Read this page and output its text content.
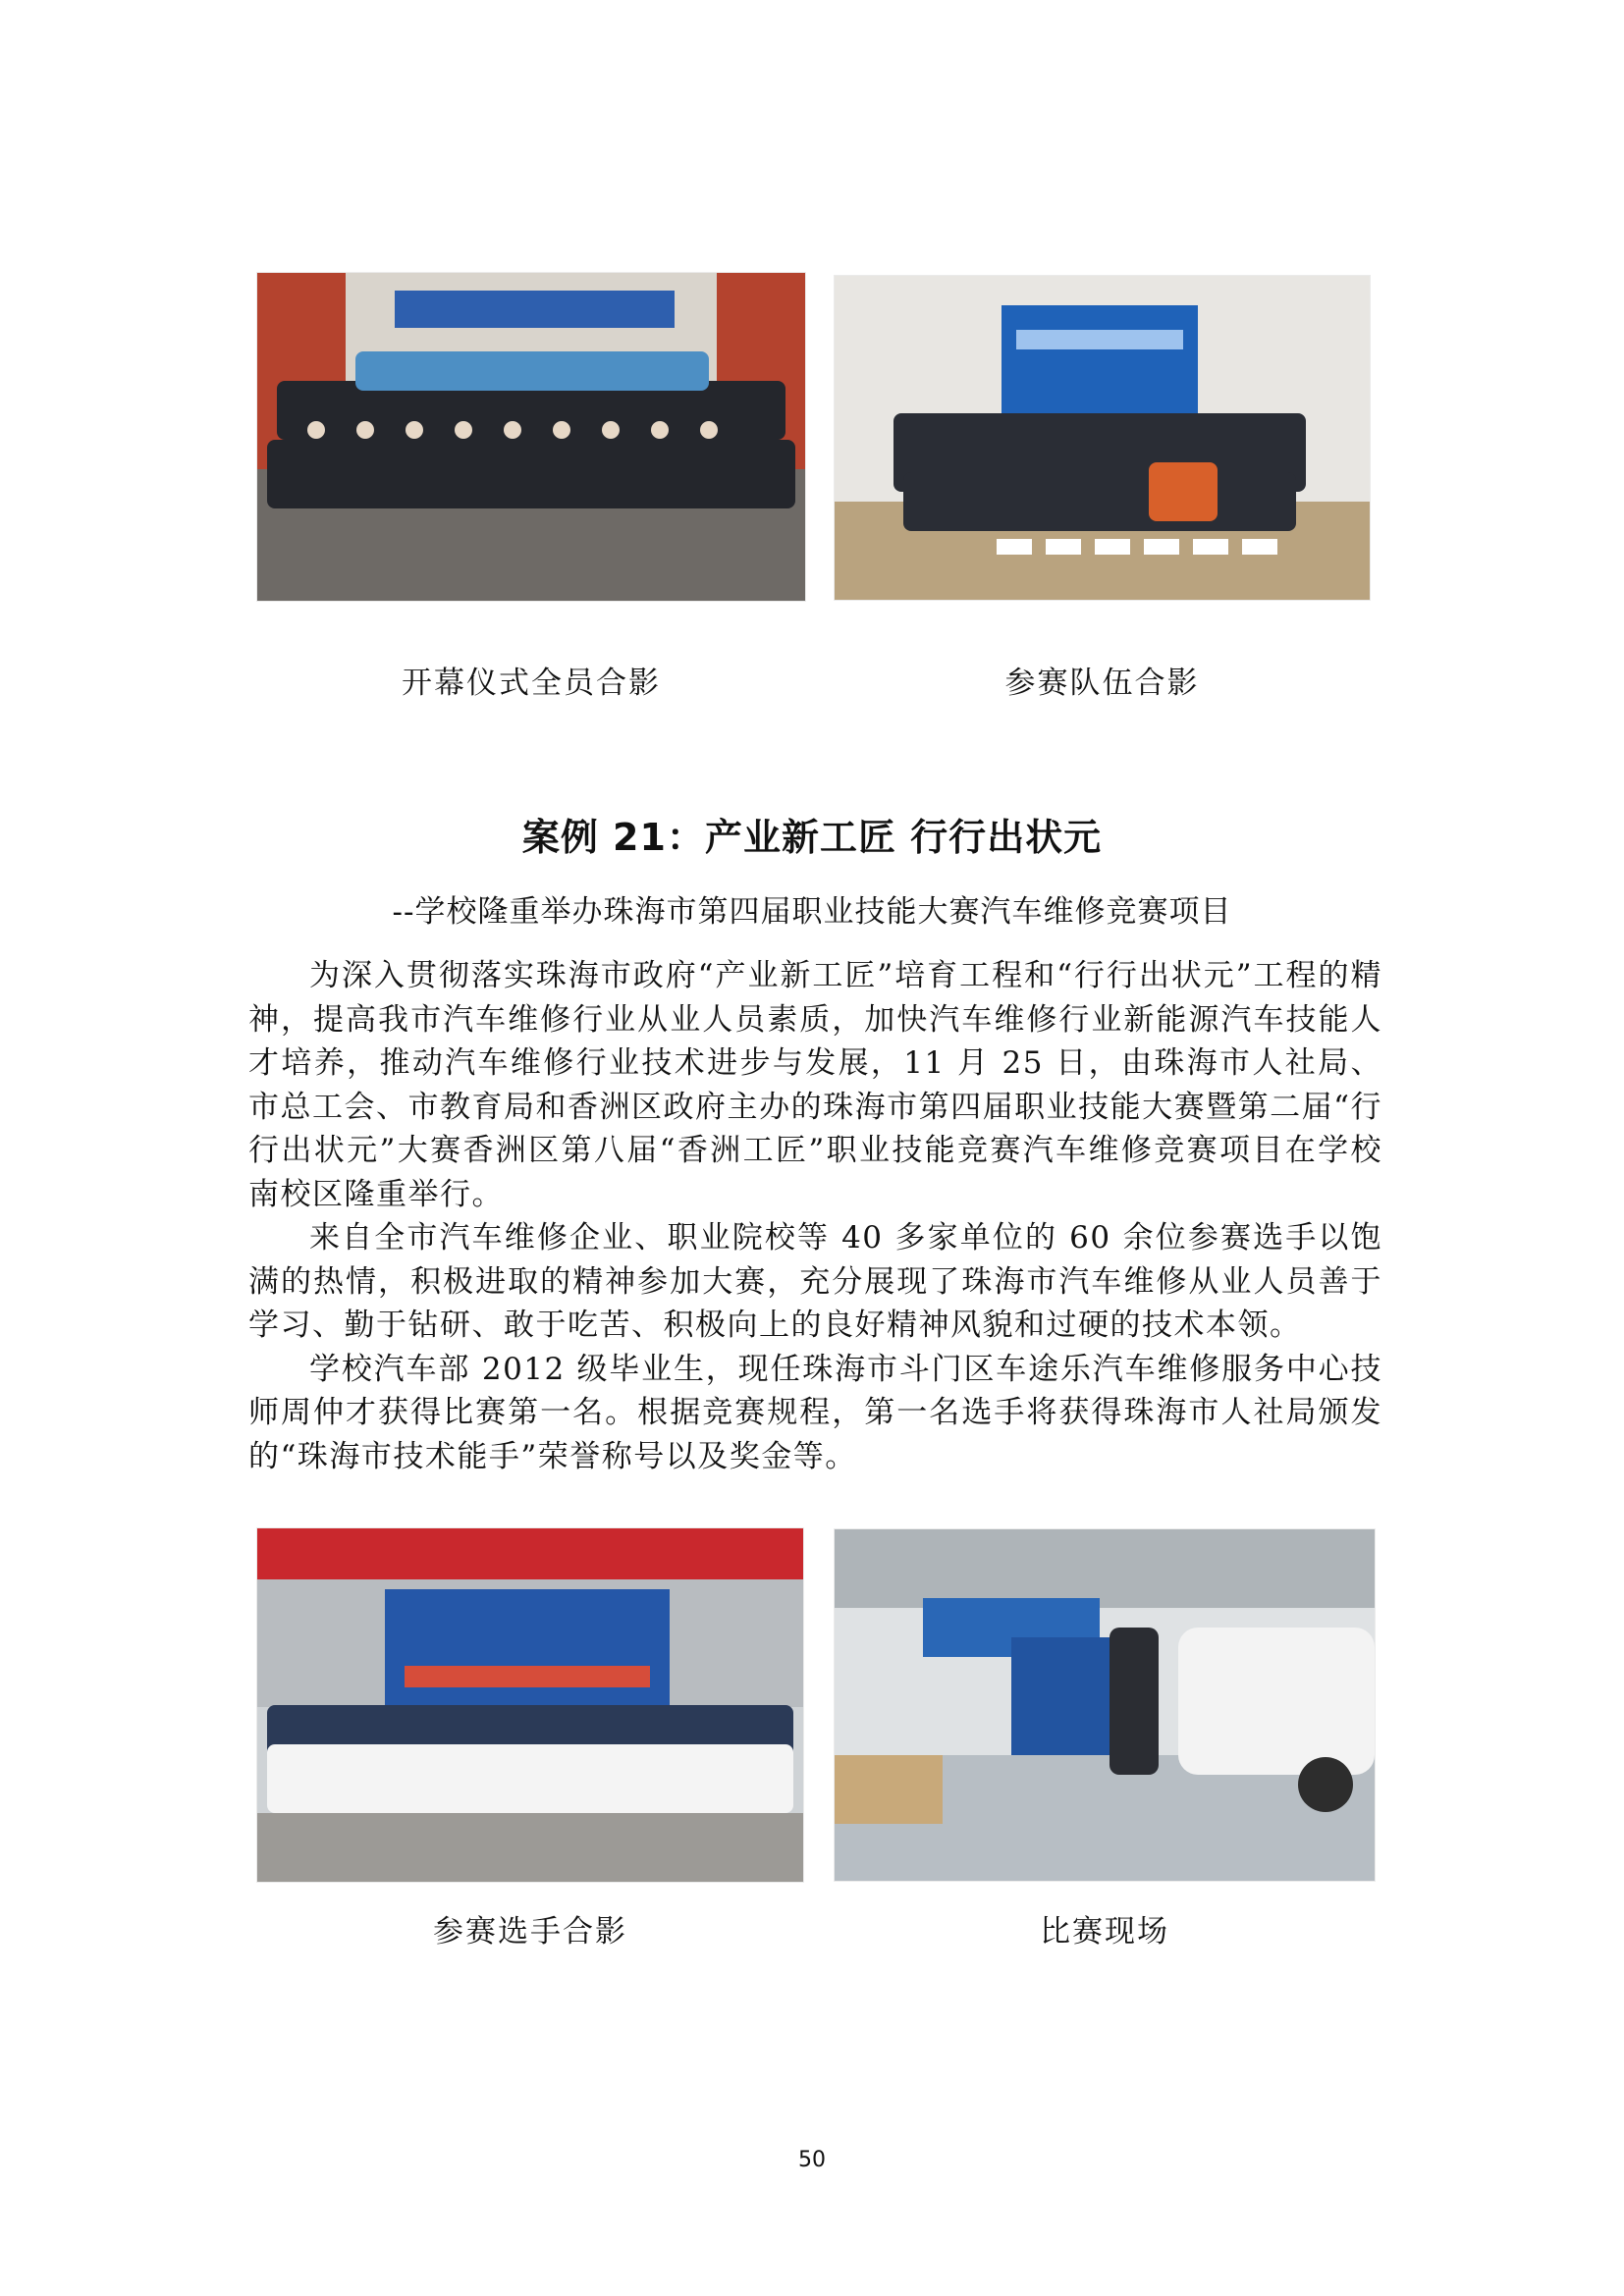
开幕仪式全员合影	参赛队伍合影
案例 21：产业新工匠 行行出状元
--学校隆重举办珠海市第四届职业技能大赛汽车维修竞赛项目

为深入贯彻落实珠海市政府“产业新工匠”培育工程和“行行出状元”工程的精神，提高我市汽车维修行业从业人员素质，加快汽车维修行业新能源汽车技能人才培养，推动汽车维修行业技术进步与发展，11 月 25 日，由珠海市人社局、市总工会、市教育局和香洲区政府主办的珠海市第四届职业技能大赛暨第二届“行行出状元”大赛香洲区第八届“香洲工匠”职业技能竞赛汽车维修竞赛项目在学校南校区隆重举行。

来自全市汽车维修企业、职业院校等 40 多家单位的 60 余位参赛选手以饱满的热情，积极进取的精神参加大赛，充分展现了珠海市汽车维修从业人员善于学习、勤于钻研、敢于吃苦、积极向上的良好精神风貌和过硬的技术本领。

学校汽车部 2012 级毕业生，现任珠海市斗门区车途乐汽车维修服务中心技师周仲才获得比赛第一名。根据竞赛规程，第一名选手将获得珠海市人社局颁发的“珠海市技术能手”荣誉称号以及奖金等。

参赛选手合影	比赛现场
50
